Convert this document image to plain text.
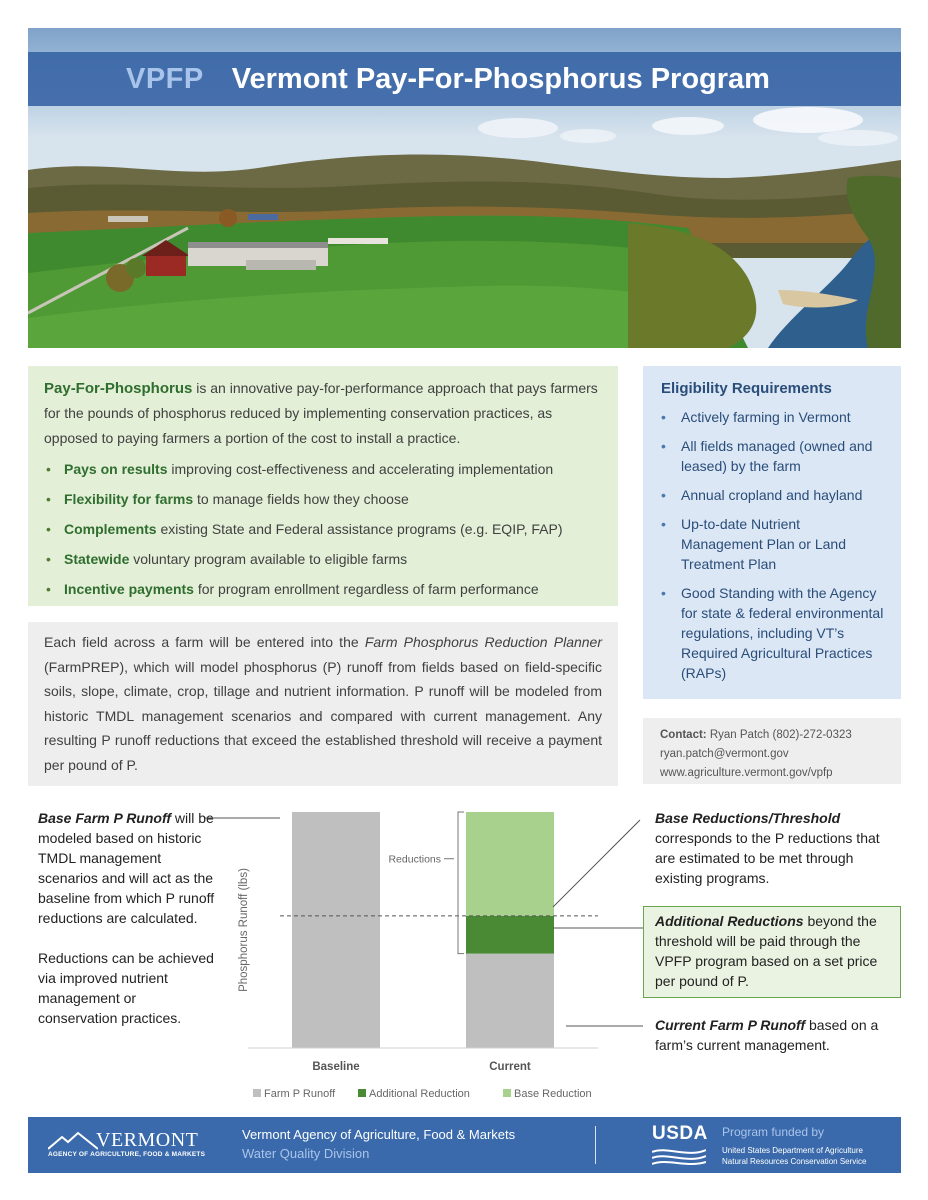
VPFP Vermont Pay-For-Phosphorus Program

Pay-For-Phosphorus is an innovative pay-for-performance approach that pays farmers for the pounds of phosphorus reduced by implementing conservation practices, as opposed to paying farmers a portion of the cost to install a practice.

• Pays on results improving cost-effectiveness and accelerating implementation
• Flexibility for farms to manage fields how they choose
• Complements existing State and Federal assistance programs (e.g. EQIP, FAP)
• Statewide voluntary program available to eligible farms
• Incentive payments for program enrollment regardless of farm performance
Eligibility Requirements
• Actively farming in Vermont
• All fields managed (owned and leased) by the farm
• Annual cropland and hayland
• Up-to-date Nutrient Management Plan or Land Treatment Plan
• Good Standing with the Agency for state & federal environmental regulations, including VT’s Required Agricultural Practices (RAPs)

Each field across a farm will be entered into the Farm Phosphorus Reduction Planner (FarmPREP), which will model phosphorus (P) runoff from fields based on field-specific soils, slope, climate, crop, tillage and nutrient information. P runoff will be modeled from historic TMDL management scenarios and compared with current management. Any resulting P runoff reductions that exceed the established threshold will receive a payment per pound of P.

Contact: Ryan Patch (802)-272-0323
ryan.patch@vermont.gov
www.agriculture.vermont.gov/vpfp

Base Farm P Runoff will be modeled based on historic TMDL management scenarios and will act as the baseline from which P runoff reductions are calculated.

Reductions can be achieved via improved nutrient management or conservation practices.

Base Reductions/Threshold corresponds to the P reductions that are estimated to be met through existing programs.
Additional Reductions beyond the threshold will be paid through the VPFP program based on a set price per pound of P.
Current Farm P Runoff based on a farm’s current management.
Reductions
Phosphorus Runoff (lbs)
Baseline	Current
Farm P Runoff	Additional Reduction	Base Reduction
VERMONT
AGENCY OF AGRICULTURE, FOOD & MARKETS
Vermont Agency of Agriculture, Food & Markets
Water Quality Division
USDA Program funded by
United States Department of Agriculture
Natural Resources Conservation Service
